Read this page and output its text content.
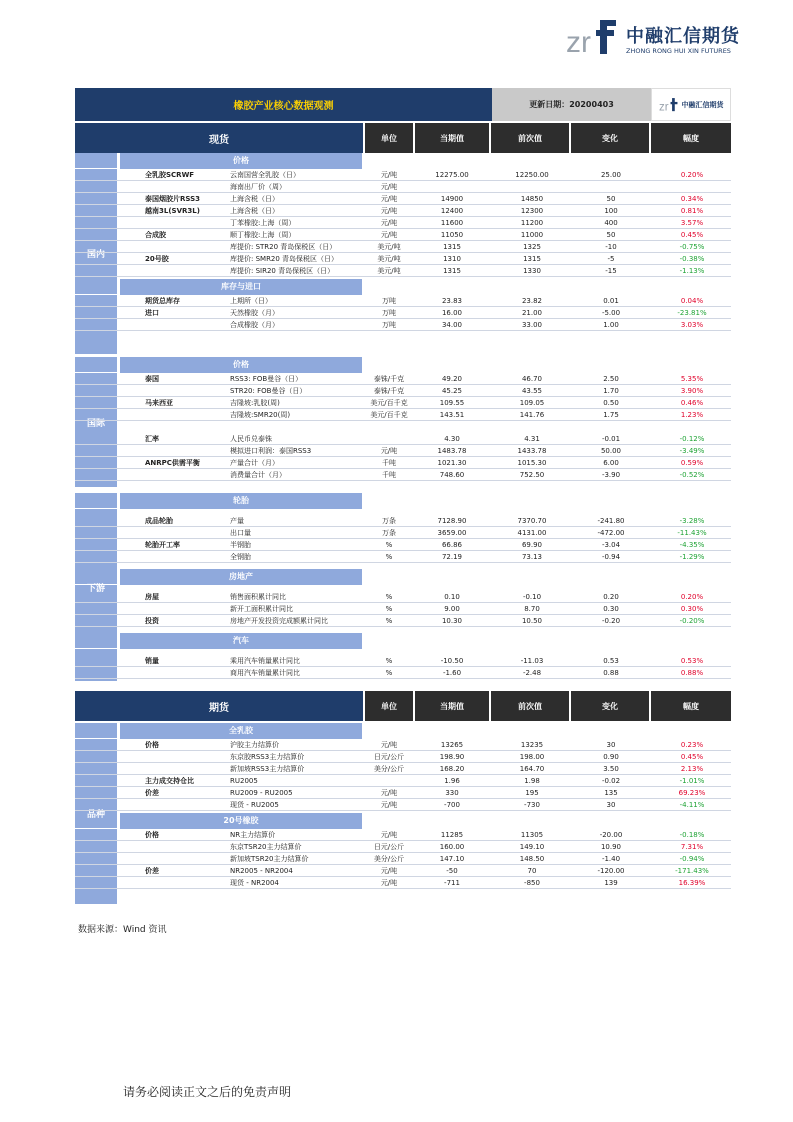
zr 中融汇信期货
ZHONG RONG HUI XIN FUTURES
橡胶产业核心数据观测	更新日期：20200403	zr 中融汇信期货
现货	单位	当期值	前次值	变化	幅度
国内
价格
全乳胶SCRWF	云南国营全乳胶（日）	元/吨	12275.00	12250.00	25.00	0.20%
海南出厂价（周）	元/吨
泰国烟胶片RSS3	上海含税（日）	元/吨	14900	14850	50	0.34%
越南3L(SVR3L)	上海含税（日）	元/吨	12400	12300	100	0.81%
丁苯橡胶:上海（周）	元/吨	11600	11200	400	3.57%
合成胶	顺丁橡胶:上海（周）	元/吨	11050	11000	50	0.45%
库提价: STR20 青岛保税区（日）	美元/吨	1315	1325	-10	-0.75%
20号胶	库提价: SMR20 青岛保税区（日）	美元/吨	1310	1315	-5	-0.38%
库提价: SIR20 青岛保税区（日）	美元/吨	1315	1330	-15	-1.13%
库存与进口
期货总库存	上期所（日）	万吨	23.83	23.82	0.01	0.04%
进口	天然橡胶（月）	万吨	16.00	21.00	-5.00	-23.81%
合成橡胶（月）	万吨	34.00	33.00	1.00	3.03%
国际
价格
泰国	RSS3: FOB曼谷（日）	泰铢/千克	49.20	46.70	2.50	5.35%
STR20: FOB曼谷（日）	泰铢/千克	45.25	43.55	1.70	3.90%
马来西亚	吉隆坡:乳胶(周)	美元/百千克	109.55	109.05	0.50	0.46%
吉隆坡:SMR20(周)	美元/百千克	143.51	141.76	1.75	1.23%
汇率	人民币兑泰铢	4.30	4.31	-0.01	-0.12%
模拟进口利润：泰国RSS3	元/吨	1483.78	1433.78	50.00	-3.49%
ANRPC供需平衡	产量合计（月）	千吨	1021.30	1015.30	6.00	0.59%
消费量合计（月）	千吨	748.60	752.50	-3.90	-0.52%
下游
轮胎
成品轮胎	产量	万条	7128.90	7370.70	-241.80	-3.28%
出口量	万条	3659.00	4131.00	-472.00	-11.43%
轮胎开工率	半钢胎	%	66.86	69.90	-3.04	-4.35%
全钢胎	%	72.19	73.13	-0.94	-1.29%
房地产
房屋	销售面积累计同比	%	0.10	-0.10	0.20	0.20%
新开工面积累计同比	%	9.00	8.70	0.30	0.30%
投资	房地产开发投资完成额累计同比	%	10.30	10.50	-0.20	-0.20%
汽车
销量	乘用汽车销量累计同比	%	-10.50	-11.03	0.53	0.53%
商用汽车销量累计同比	%	-1.60	-2.48	0.88	0.88%
期货	单位	当期值	前次值	变化	幅度
品种
全乳胶
价格	沪胶主力结算价	元/吨	13265	13235	30	0.23%
东京胶RSS3主力结算价	日元/公斤	198.90	198.00	0.90	0.45%
新加坡RSS3主力结算价	美分/公斤	168.20	164.70	3.50	2.13%
主力成交持仓比	RU2005	1.96	1.98	-0.02	-1.01%
价差	RU2009 - RU2005	元/吨	330	195	135	69.23%
现货 - RU2005	元/吨	-700	-730	30	-4.11%
20号橡胶
价格	NR主力结算价	元/吨	11285	11305	-20.00	-0.18%
东京TSR20主力结算价	日元/公斤	160.00	149.10	10.90	7.31%
新加坡TSR20主力结算价	美分/公斤	147.10	148.50	-1.40	-0.94%
价差	NR2005 - NR2004	元/吨	-50	70	-120.00	-171.43%
现货 - NR2004	元/吨	-711	-850	139	16.39%
数据来源：Wind 资讯
请务必阅读正文之后的免责声明
